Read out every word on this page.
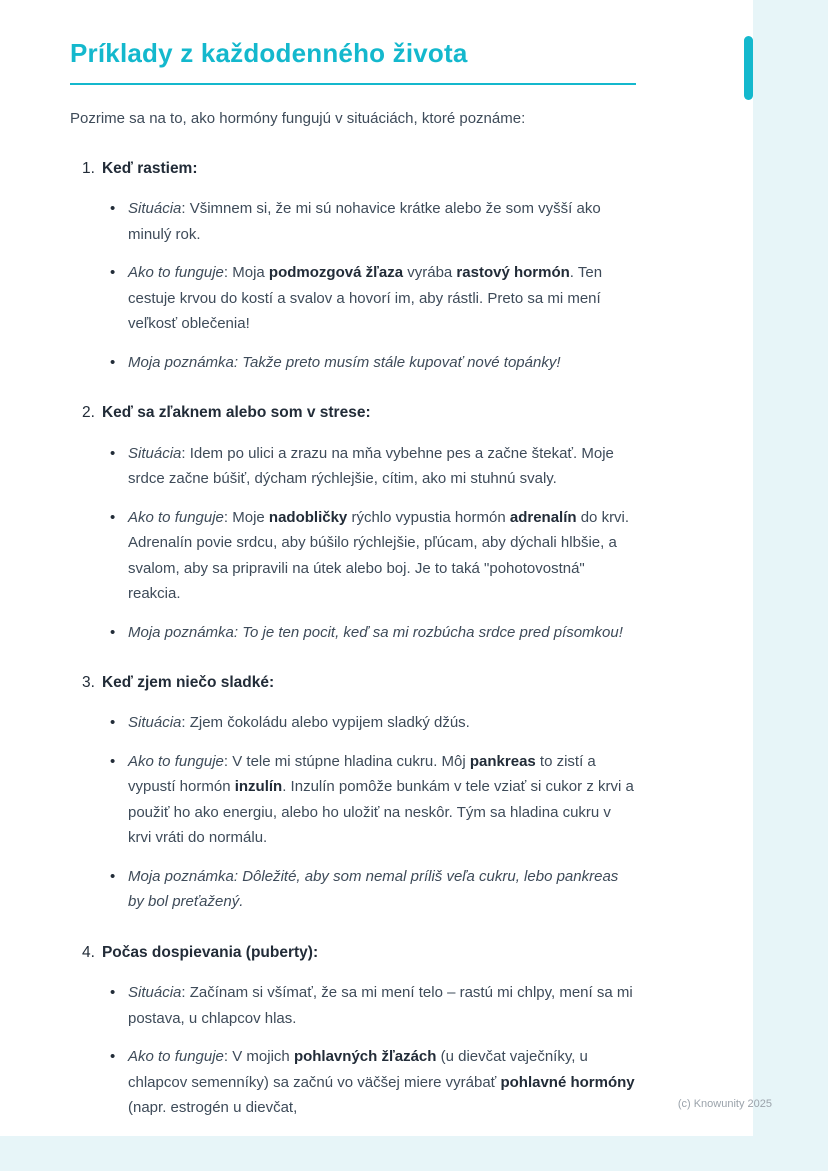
Príklady z každodenného života

Pozrime sa na to, ako hormóny fungujú v situáciách, ktoré poznáme:

1. Keď rastiem:
• Situácia: Všimnem si, že mi sú nohavice krátke alebo že som vyšší ako minulý rok.

• Ako to funguje: Moja podmozgová žľaza vyrába rastový hormón. Ten cestuje krvou do kostí a svalov a hovorí im, aby rástli. Preto sa mi mení veľkosť oblečenia!

• Moja poznámka: Takže preto musím stále kupovať nové topánky!

2. Keď sa zľaknem alebo som v strese:
• Situácia: Idem po ulici a zrazu na mňa vybehne pes a začne štekať. Moje srdce začne búšiť, dýcham rýchlejšie, cítim, ako mi stuhnú svaly.

• Ako to funguje: Moje nadobličky rýchlo vypustia hormón adrenalín do krvi. Adrenalín povie srdcu, aby búšilo rýchlejšie, pľúcam, aby dýchali hlbšie, a svalom, aby sa pripravili na útek alebo boj. Je to taká "pohotovostná" reakcia.

• Moja poznámka: To je ten pocit, keď sa mi rozbúcha srdce pred písomkou!

3. Keď zjem niečo sladké:
• Situácia: Zjem čokoládu alebo vypijem sladký džús.

• Ako to funguje: V tele mi stúpne hladina cukru. Môj pankreas to zistí a vypustí hormón inzulín. Inzulín pomôže bunkám v tele vziať si cukor z krvi a použiť ho ako energiu, alebo ho uložiť na neskôr. Tým sa hladina cukru v krvi vráti do normálu.

• Moja poznámka: Dôležité, aby som nemal príliš veľa cukru, lebo pankreas by bol preťažený.

4. Počas dospievania (puberty):
• Situácia: Začínam si všímať, že sa mi mení telo – rastú mi chlpy, mení sa mi postava, u chlapcov hlas.

• Ako to funguje: V mojich pohlavných žľazách (u dievčat vaječníky, u chlapcov semenníky) sa začnú vo väčšej miere vyrábať pohlavné hormóny (napr. estrogén u dievčat,	(c) Knowunity 2025
